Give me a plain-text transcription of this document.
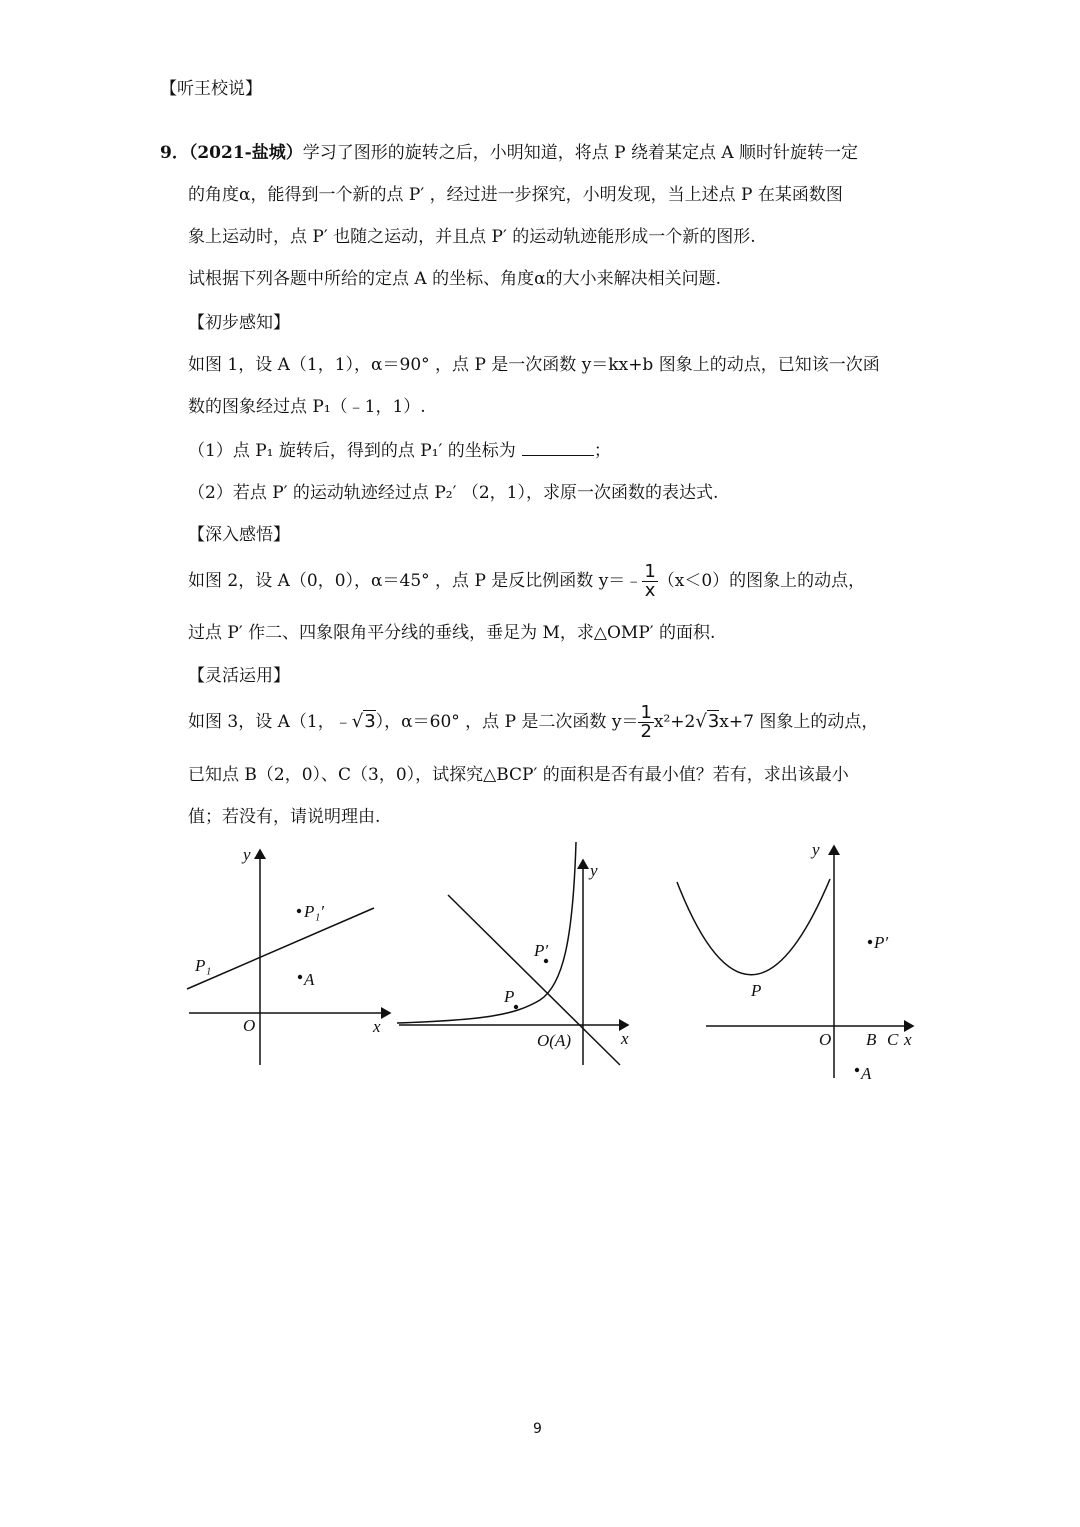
【听王校说】
9．（2021-盐城）学习了图形的旋转之后，小明知道，将点 P 绕着某定点 A 顺时针旋转一定
的角度α，能得到一个新的点 P′ ，经过进一步探究，小明发现，当上述点 P 在某函数图
象上运动时，点 P′ 也随之运动，并且点 P′ 的运动轨迹能形成一个新的图形.
试根据下列各题中所给的定点 A 的坐标、角度α的大小来解决相关问题.
【初步感知】
如图 1，设 A（1，1），α＝90° ，点 P 是一次函数 y＝kx+b 图象上的动点，已知该一次函
数的图象经过点 P₁（﹣1，1）.
（1）点 P₁ 旋转后，得到的点 P₁′ 的坐标为	；
（2）若点 P′ 的运动轨迹经过点 P₂′ （2，1），求原一次函数的表达式.
【深入感悟】
如图 2，设 A（0，0），α＝45° ，点 P 是反比例函数 y＝﹣ $\frac{1}{x} (x<0)$的图象上的动点，
过点 P′ 作二、四象限角平分线的垂线，垂足为 M，求△OMP′ 的面积.
【灵活运用】
如图 3，设 A（1，﹣√3），α＝60° ，点 P 是二次函数 $y= \frac{1}{2} x^2+2√3x+7$ 图象上的动点，
已知点 B（2，0）、C（3，0），试探究△BCP′ 的面积是否有最小值？若有，求出该最小
值；若没有，请说明理由.
y
x
O
P₁
P₁′
A
y
x
O(A)
P
P′
y
x
O B C
P
P′
A
9
